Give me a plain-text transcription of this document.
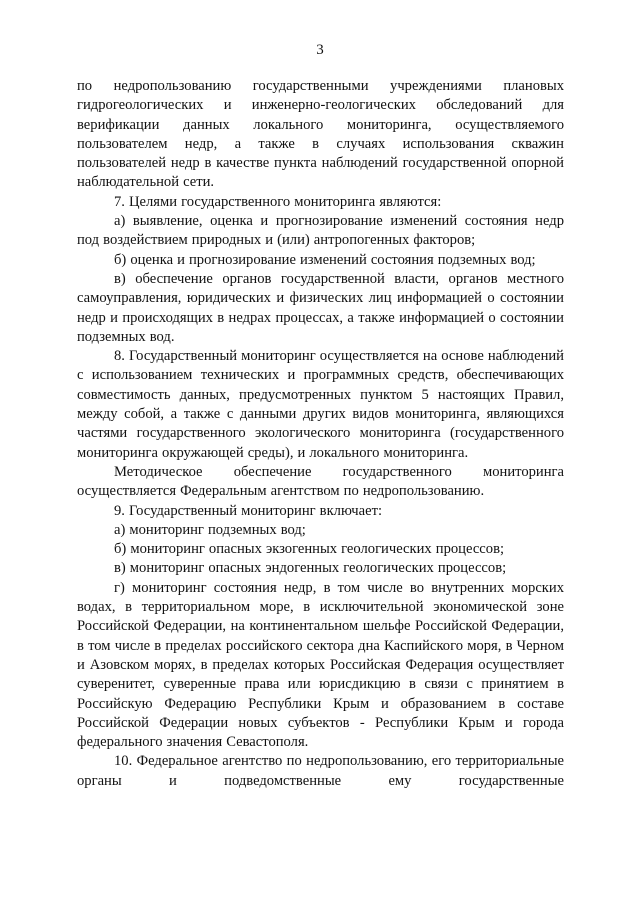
3

по недропользованию государственными учреждениями плановых гидрогеологических и инженерно-геологических обследований для верификации данных локального мониторинга, осуществляемого пользователем недр, а также в случаях использования скважин пользователей недр в качестве пункта наблюдений государственной опорной наблюдательной сети.

7. Целями государственного мониторинга являются:

а) выявление, оценка и прогнозирование изменений состояния недр под воздействием природных и (или) антропогенных факторов;

б) оценка и прогнозирование изменений состояния подземных вод;

в) обеспечение органов государственной власти, органов местного самоуправления, юридических и физических лиц информацией о состоянии недр и происходящих в недрах процессах, а также информацией о состоянии подземных вод.

8. Государственный мониторинг осуществляется на основе наблюдений с использованием технических и программных средств, обеспечивающих совместимость данных, предусмотренных пунктом 5 настоящих Правил, между собой, а также с данными других видов мониторинга, являющихся частями государственного экологического мониторинга (государственного мониторинга окружающей среды), и локального мониторинга.

Методическое обеспечение государственного мониторинга осуществляется Федеральным агентством по недропользованию.

9. Государственный мониторинг включает:

а) мониторинг подземных вод;

б) мониторинг опасных экзогенных геологических процессов;

в) мониторинг опасных эндогенных геологических процессов;

г) мониторинг состояния недр, в том числе во внутренних морских водах, в территориальном море, в исключительной экономической зоне Российской Федерации, на континентальном шельфе Российской Федерации, в том числе в пределах российского сектора дна Каспийского моря, в Черном и Азовском морях, в пределах которых Российская Федерация осуществляет суверенитет, суверенные права или юрисдикцию в связи с принятием в Российскую Федерацию Республики Крым и образованием в составе Российской Федерации новых субъектов - Республики Крым и города федерального значения Севастополя.

10. Федеральное агентство по недропользованию, его территориальные органы и подведомственные ему государственные
